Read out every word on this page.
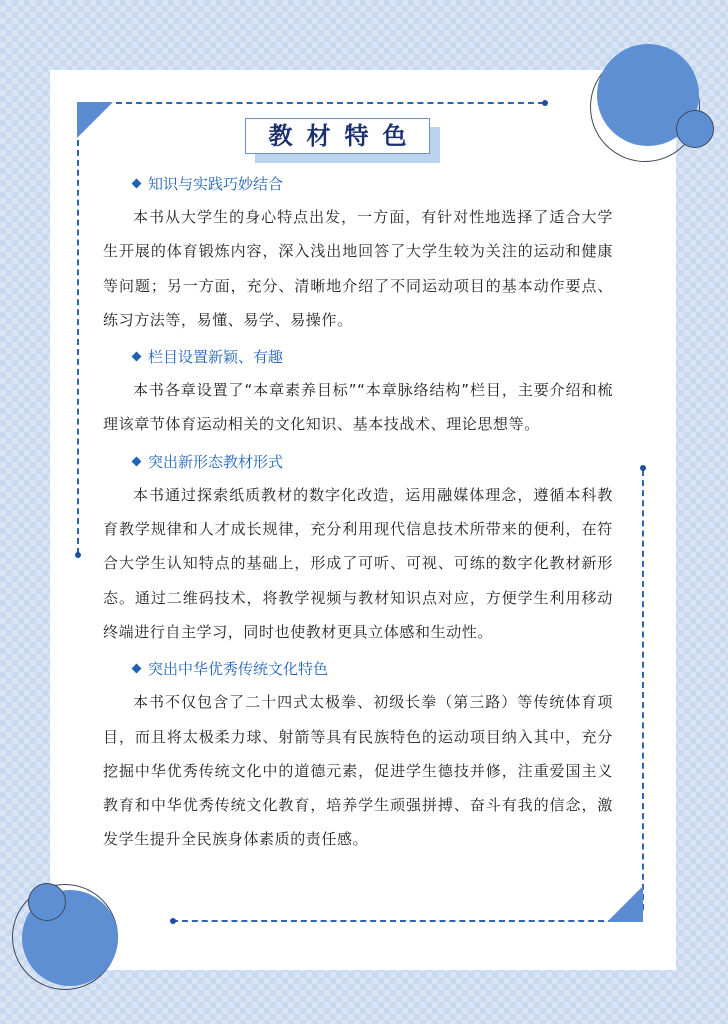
教材特色
知识与实践巧妙结合

本书从大学生的身心特点出发，一方面，有针对性地选择了适合大学生开展的体育锻炼内容，深入浅出地回答了大学生较为关注的运动和健康等问题；另一方面，充分、清晰地介绍了不同运动项目的基本动作要点、练习方法等，易懂、易学、易操作。

栏目设置新颖、有趣

本书各章设置了“本章素养目标”“本章脉络结构”栏目，主要介绍和梳理该章节体育运动相关的文化知识、基本技战术、理论思想等。

突出新形态教材形式

本书通过探索纸质教材的数字化改造，运用融媒体理念，遵循本科教育教学规律和人才成长规律，充分利用现代信息技术所带来的便利，在符合大学生认知特点的基础上，形成了可听、可视、可练的数字化教材新形态。通过二维码技术，将教学视频与教材知识点对应，方便学生利用移动终端进行自主学习，同时也使教材更具立体感和生动性。

突出中华优秀传统文化特色

本书不仅包含了二十四式太极拳、初级长拳（第三路）等传统体育项目，而且将太极柔力球、射箭等具有民族特色的运动项目纳入其中，充分挖掘中华优秀传统文化中的道德元素，促进学生德技并修，注重爱国主义教育和中华优秀传统文化教育，培养学生顽强拼搏、奋斗有我的信念，激发学生提升全民族身体素质的责任感。
